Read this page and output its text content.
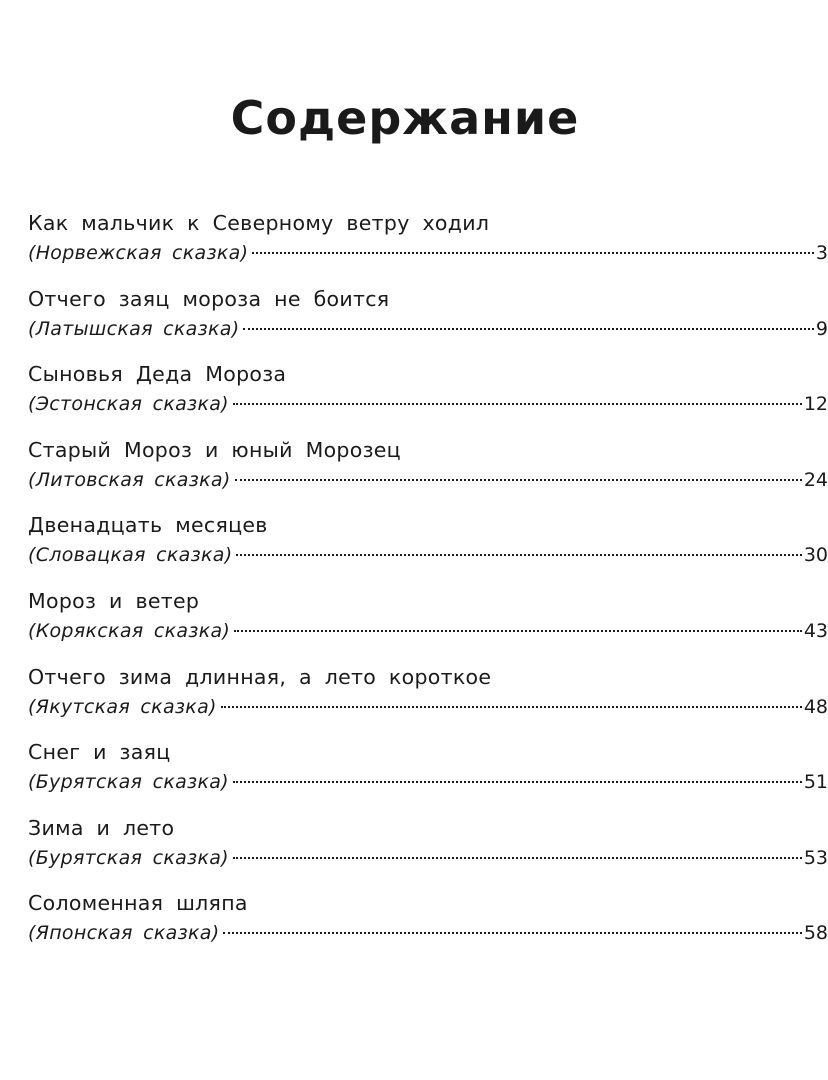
Содержание
Как мальчик к Северному ветру ходил
(Норвежская сказка)	3
Отчего заяц мороза не боится
(Латышская сказка)	9
Сыновья Деда Мороза
(Эстонская сказка)	12
Старый Мороз и юный Морозец
(Литовская сказка)	24
Двенадцать месяцев
(Словацкая сказка)	30
Мороз и ветер
(Корякская сказка)	43
Отчего зима длинная, а лето короткое
(Якутская сказка)	48
Снег и заяц
(Бурятская сказка)	51
Зима и лето
(Бурятская сказка)	53
Соломенная шляпа
(Японская сказка)	58
